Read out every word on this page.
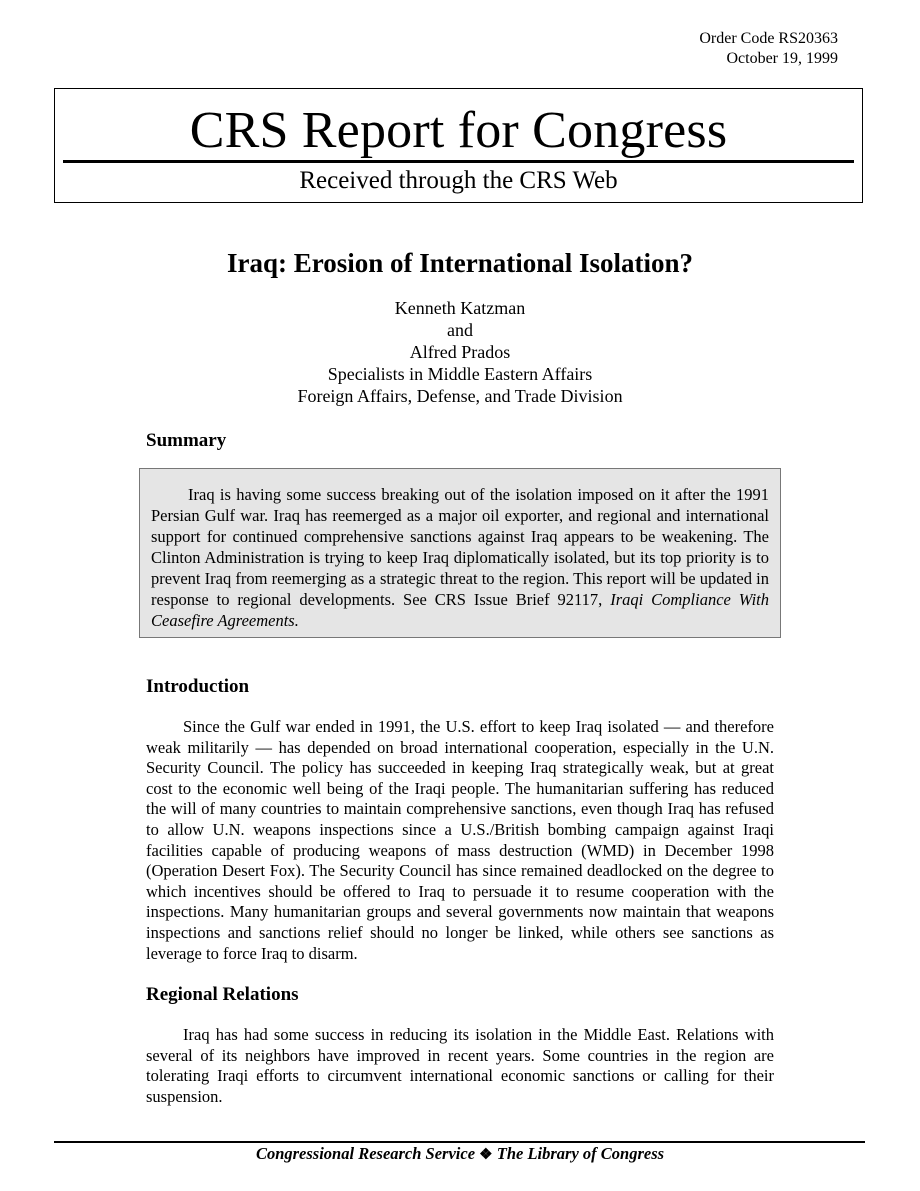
Order Code RS20363
October 19, 1999
CRS Report for Congress
Received through the CRS Web
Iraq: Erosion of International Isolation?
Kenneth Katzman
and
Alfred Prados
Specialists in Middle Eastern Affairs
Foreign Affairs, Defense, and Trade Division
Summary

Iraq is having some success breaking out of the isolation imposed on it after the 1991 Persian Gulf war. Iraq has reemerged as a major oil exporter, and regional and international support for continued comprehensive sanctions against Iraq appears to be weakening. The Clinton Administration is trying to keep Iraq diplomatically isolated, but its top priority is to prevent Iraq from reemerging as a strategic threat to the region. This report will be updated in response to regional developments. See CRS Issue Brief 92117, Iraqi Compliance With Ceasefire Agreements.

Introduction

Since the Gulf war ended in 1991, the U.S. effort to keep Iraq isolated — and therefore weak militarily — has depended on broad international cooperation, especially in the U.N. Security Council. The policy has succeeded in keeping Iraq strategically weak, but at great cost to the economic well being of the Iraqi people. The humanitarian suffering has reduced the will of many countries to maintain comprehensive sanctions, even though Iraq has refused to allow U.N. weapons inspections since a U.S./British bombing campaign against Iraqi facilities capable of producing weapons of mass destruction (WMD) in December 1998 (Operation Desert Fox). The Security Council has since remained deadlocked on the degree to which incentives should be offered to Iraq to persuade it to resume cooperation with the inspections. Many humanitarian groups and several governments now maintain that weapons inspections and sanctions relief should no longer be linked, while others see sanctions as leverage to force Iraq to disarm.

Regional Relations

Iraq has had some success in reducing its isolation in the Middle East. Relations with several of its neighbors have improved in recent years. Some countries in the region are tolerating Iraqi efforts to circumvent international economic sanctions or calling for their suspension.

Congressional Research Service ❖ The Library of Congress
